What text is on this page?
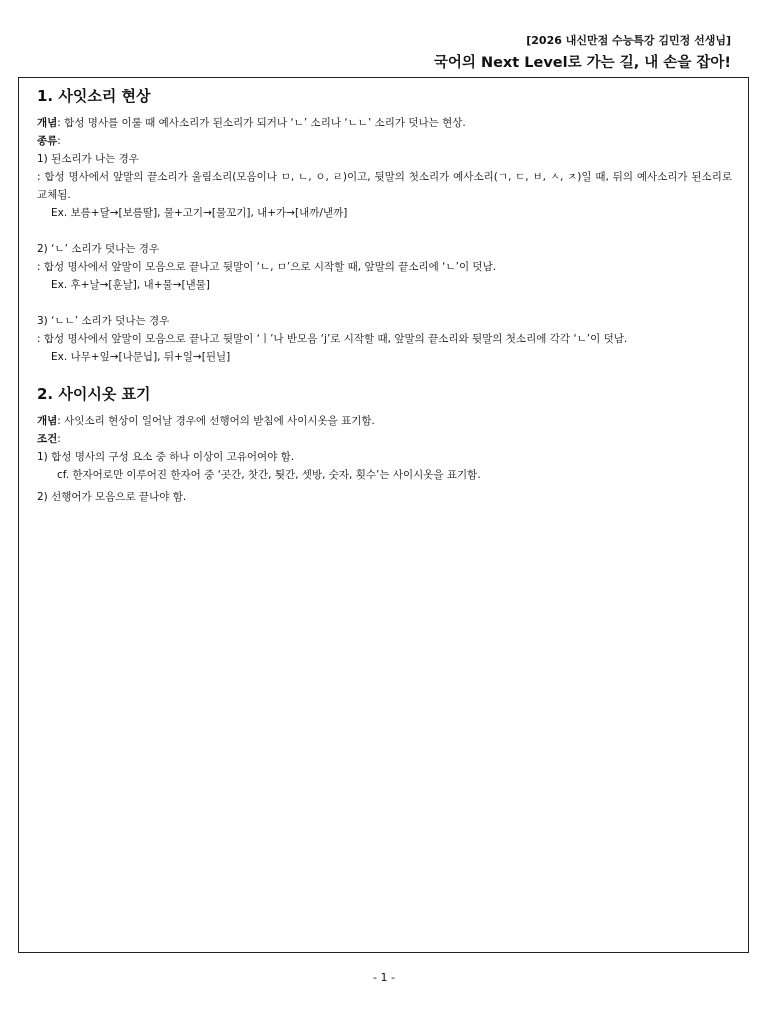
[2026 내신만점 수능특강 김민정 선생님]
국어의 Next Level로 가는 길, 내 손을 잡아!
1. 사잇소리 현상

개념: 합성 명사를 이룰 때 예사소리가 된소리가 되거나 ‘ㄴ’ 소리나 ‘ㄴㄴ’ 소리가 덧나는 현상.

종류:

1) 된소리가 나는 경우

: 합성 명사에서 앞말의 끝소리가 울림소리(모음이나 ㅁ, ㄴ, ㅇ, ㄹ)이고, 뒷말의 첫소리가 예사소리(ㄱ, ㄷ, ㅂ, ㅅ, ㅈ)일 때, 뒤의 예사소리가 된소리로 교체됨.

Ex. 보름+달→[보름딸], 물+고기→[물꼬기], 내+가→[내까/낻까]

2) ‘ㄴ’ 소리가 덧나는 경우

: 합성 명사에서 앞말이 모음으로 끝나고 뒷말이 ‘ㄴ, ㅁ’으로 시작할 때, 앞말의 끝소리에 ‘ㄴ’이 덧남.

Ex. 후+날→[훈날], 내+물→[낸물]

3) ‘ㄴㄴ’ 소리가 덧나는 경우

: 합성 명사에서 앞말이 모음으로 끝나고 뒷말이 ‘ㅣ’나 반모음 ‘j’로 시작할 때, 앞말의 끝소리와 뒷말의 첫소리에 각각 ‘ㄴ’이 덧남.

Ex. 나무+잎→[나문닙], 뒤+일→[뒨닐]

2. 사이시옷 표기

개념: 사잇소리 현상이 일어날 경우에 선행어의 받침에 사이시옷을 표기함.

조건:

1) 합성 명사의 구성 요소 중 하나 이상이 고유어여야 함.

cf. 한자어로만 이루어진 한자어 중 ‘곳간, 찻간, 툇간, 셋방, 숫자, 횟수’는 사이시옷을 표기함.

2) 선행어가 모음으로 끝나야 함.

- 1 -
